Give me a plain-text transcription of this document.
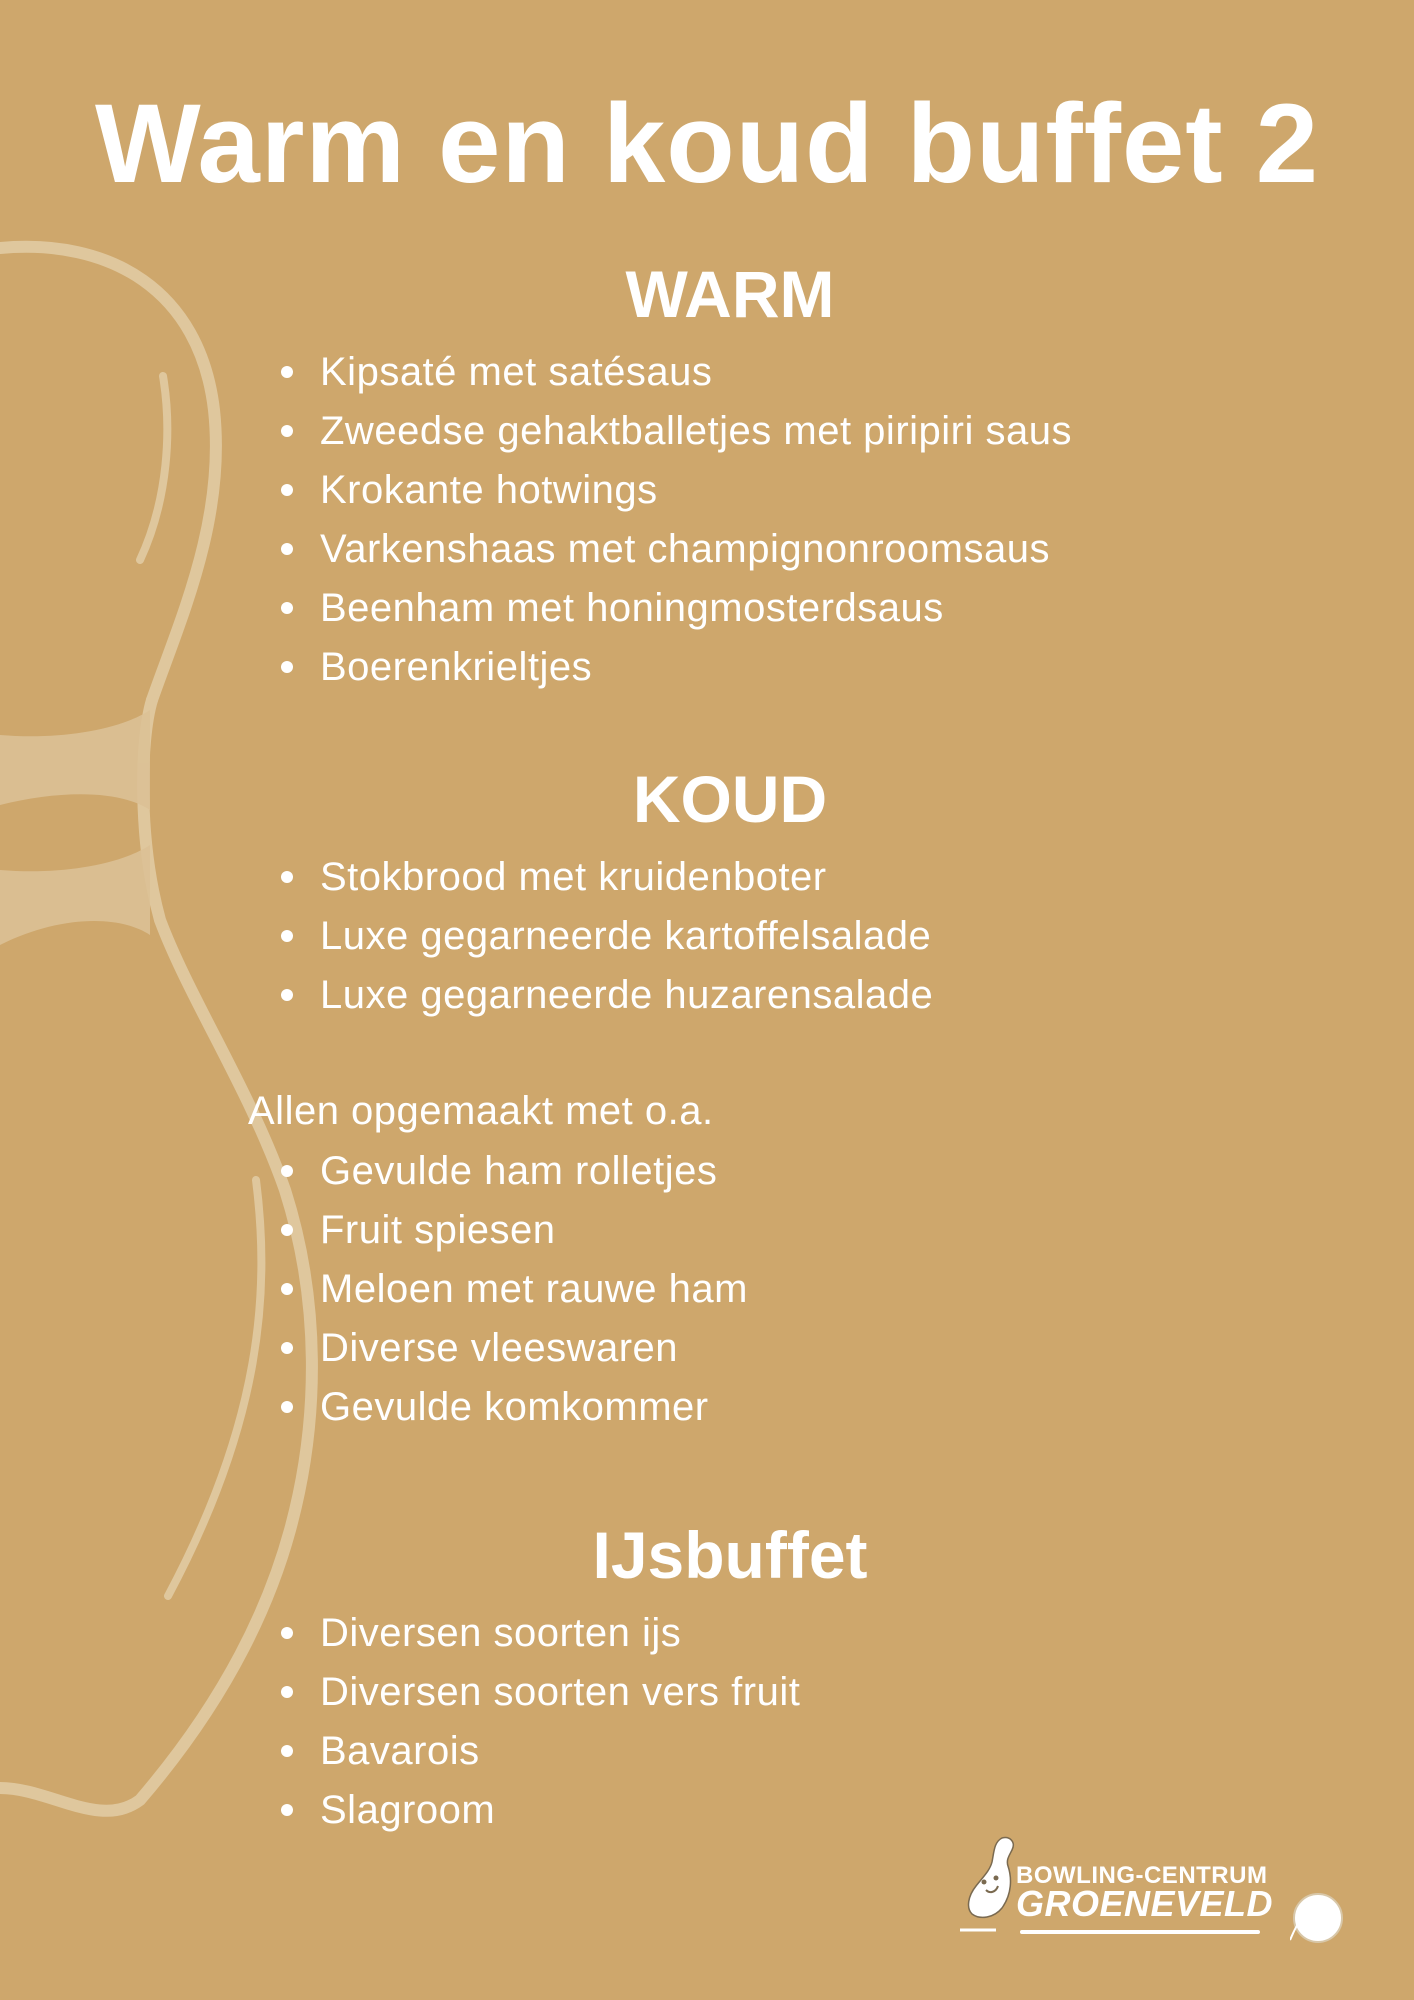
Warm en koud buffet 2
WARM
Kipsaté met satésaus
Zweedse gehaktballetjes met piripiri saus
Krokante hotwings
Varkenshaas met champignonroomsaus
Beenham met honingmosterdsaus
Boerenkrieltjes
KOUD
Stokbrood met kruidenboter
Luxe gegarneerde kartoffelsalade
Luxe gegarneerde huzarensalade
Allen opgemaakt met o.a.
Gevulde ham rolletjes
Fruit spiesen
Meloen met rauwe ham
Diverse vleeswaren
Gevulde komkommer
IJsbuffet
Diversen soorten ijs
Diversen soorten vers fruit
Bavarois
Slagroom
BOWLING-CENTRUM
GROENEVELD
